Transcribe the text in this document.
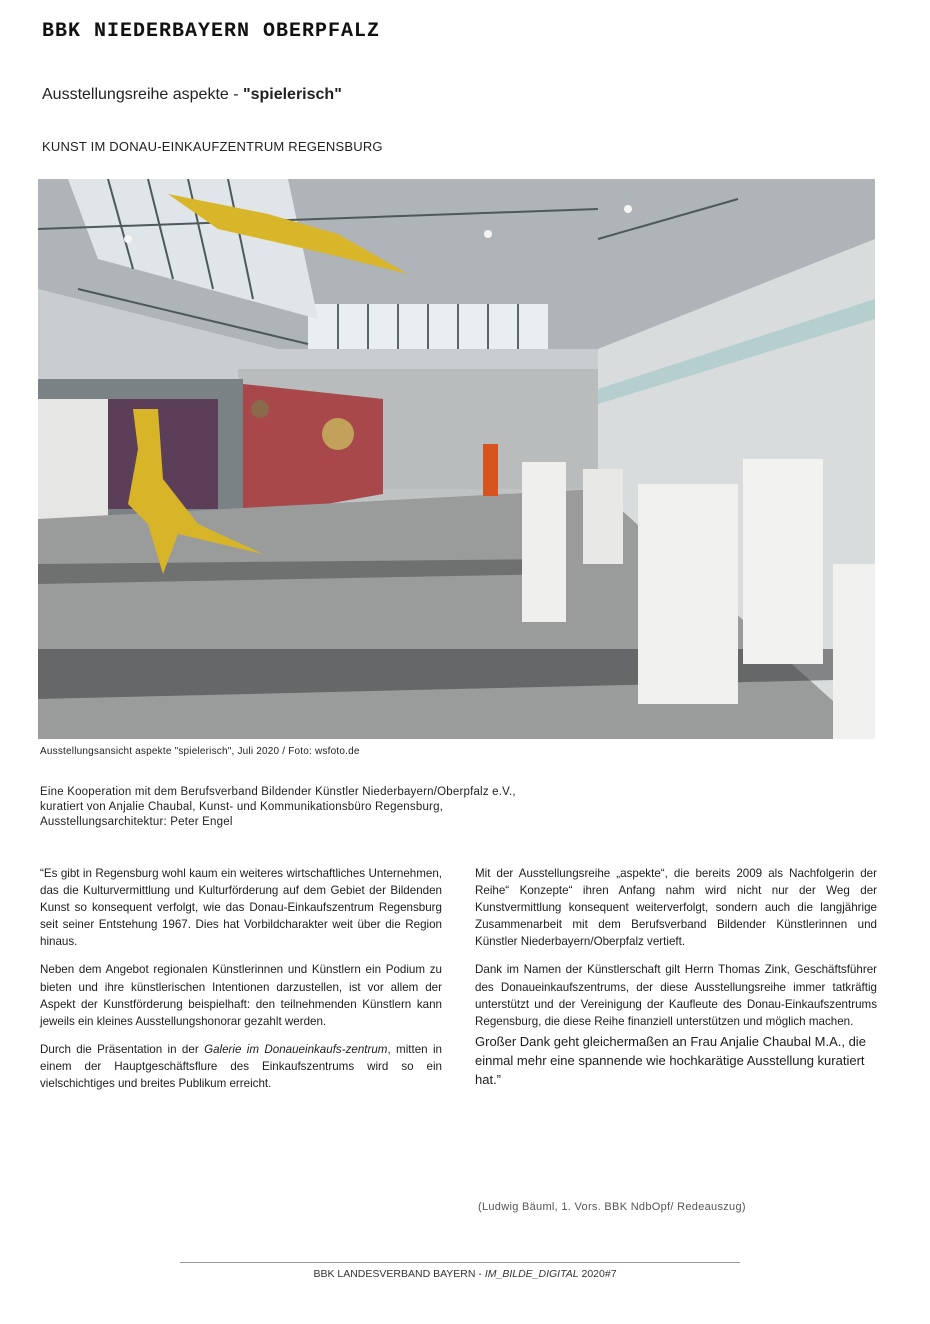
BBK NIEDERBAYERN OBERPFALZ
Ausstellungsreihe aspekte - "spielerisch"
KUNST IM DONAU-EINKAUFZENTRUM REGENSBURG
Ausstellungsansicht aspekte "spielerisch", Juli 2020 / Foto: wsfoto.de
Eine Kooperation mit dem Berufsverband Bildender Künstler Niederbayern/Oberpfalz e.V.,
kuratiert von Anjalie Chaubal, Kunst- und Kommunikationsbüro Regensburg,
Ausstellungsarchitektur: Peter Engel

“Es gibt in Regensburg wohl kaum ein weiteres wirtschaftliches Unternehmen, das die Kulturvermittlung und Kulturförderung auf dem Gebiet der Bildenden Kunst so konsequent verfolgt, wie das Donau-Einkaufszentrum Regensburg seit seiner Entstehung 1967. Dies hat Vorbildcharakter weit über die Region hinaus.

Neben dem Angebot regionalen Künstlerinnen und Künstlern ein Podium zu bieten und ihre künstlerischen Intentionen darzustellen, ist vor allem der Aspekt der Kunstförderung beispielhaft: den teilnehmenden Künstlern kann jeweils ein kleines Ausstellungshonorar gezahlt werden.

Durch die Präsentation in der Galerie im Donaueinkaufs-zentrum, mitten in einem der Hauptgeschäftsflure des Einkaufszentrums wird so ein vielschichtiges und breites Publikum erreicht.

Mit der Ausstellungsreihe „aspekte“, die bereits 2009 als Nachfolgerin der Reihe“ Konzepte“ ihren Anfang nahm wird nicht nur der Weg der Kunstvermittlung konsequent weiterverfolgt, sondern auch die langjährige Zusammenarbeit mit dem Berufsverband Bildender Künstlerinnen und Künstler Niederbayern/Oberpfalz vertieft.

Dank im Namen der Künstlerschaft gilt Herrn Thomas Zink, Geschäftsführer des Donaueinkaufszentrums, der diese Ausstellungsreihe immer tatkräftig unterstützt und der Vereinigung der Kaufleute des Donau-Einkaufszentrums Regensburg, die diese Reihe finanziell unterstützen und möglich machen.

Großer Dank geht gleichermaßen an Frau Anjalie Chaubal M.A., die einmal mehr eine spannende wie hochkarätige Ausstellung kuratiert hat.”

(Ludwig Bäuml, 1. Vors. BBK NdbOpf/ Redeauszug)
BBK LANDESVERBAND BAYERN - IM_BILDE_DIGITAL 2020#7
